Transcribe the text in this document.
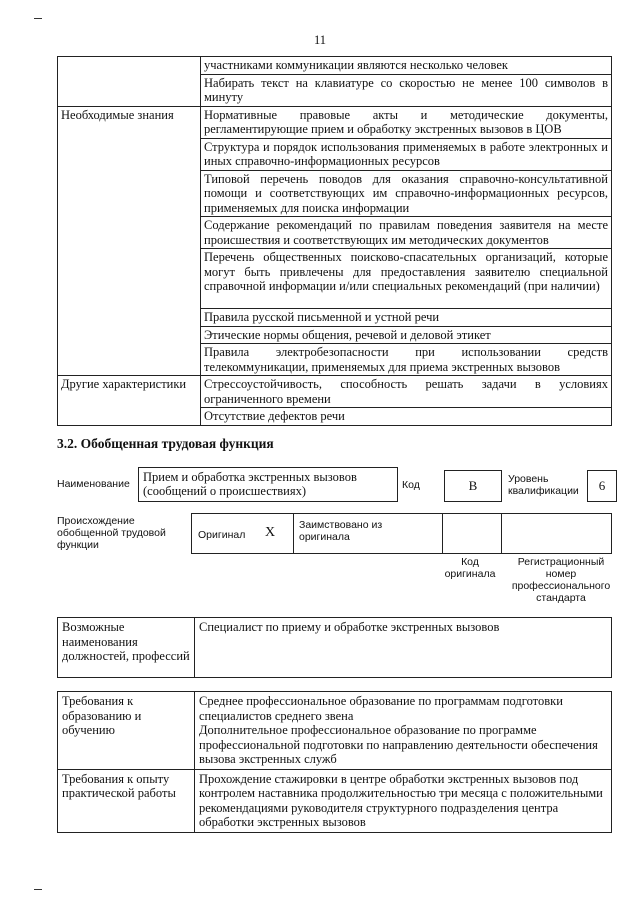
11

	участниками коммуникации являются несколько человек

	Набирать текст на клавиатуре со скоростью не менее 100 символов в минуту

Необходимые знания	Нормативные правовые акты и методические документы, регламентирующие прием и обработку экстренных вызовов в ЦОВ

	Структура и порядок использования применяемых в работе электронных и иных справочно-информационных ресурсов

	Типовой перечень поводов для оказания справочно-консультативной помощи и соответствующих им справочно-информационных ресурсов, применяемых для поиска информации

	Содержание рекомендаций по правилам поведения заявителя на месте происшествия и соответствующих им методических документов

	Перечень общественных поисково-спасательных организаций, которые могут быть привлечены для предоставления заявителю специальной справочной информации и/или специальных рекомендаций (при наличии)

	Правила русской письменной и устной речи

	Этические нормы общения, речевой и деловой этикет

	Правила электробезопасности при использовании средств телекоммуникации, применяемых для приема экстренных вызовов

Другие характеристики	Стрессоустойчивость, способность решать задачи в условиях ограниченного времени

	Отсутствие дефектов речи
3.2. Обобщенная трудовая функция
Наименование	Прием и обработка экстренных вызовов (сообщений о происшествиях)	Код	B	Уровень квалификации	6
Происхождение обобщенной трудовой функции
Оригинал X Заимствовано из оригинала
Код оригинала
Регистрационный номер профессионального стандарта
Возможные наименования должностей, профессий	Специалист по приему и обработке экстренных вызовов
Требования к образованию и обучению	Среднее профессиональное образование по программам подготовки специалистов среднего звена
Дополнительное профессиональное образование по программе профессиональной подготовки по направлению деятельности обеспечения вызова экстренных служб

Требования к опыту практической работы	Прохождение стажировки в центре обработки экстренных вызовов под контролем наставника продолжительностью три месяца с положительными рекомендациями руководителя структурного подразделения центра обработки экстренных вызовов
